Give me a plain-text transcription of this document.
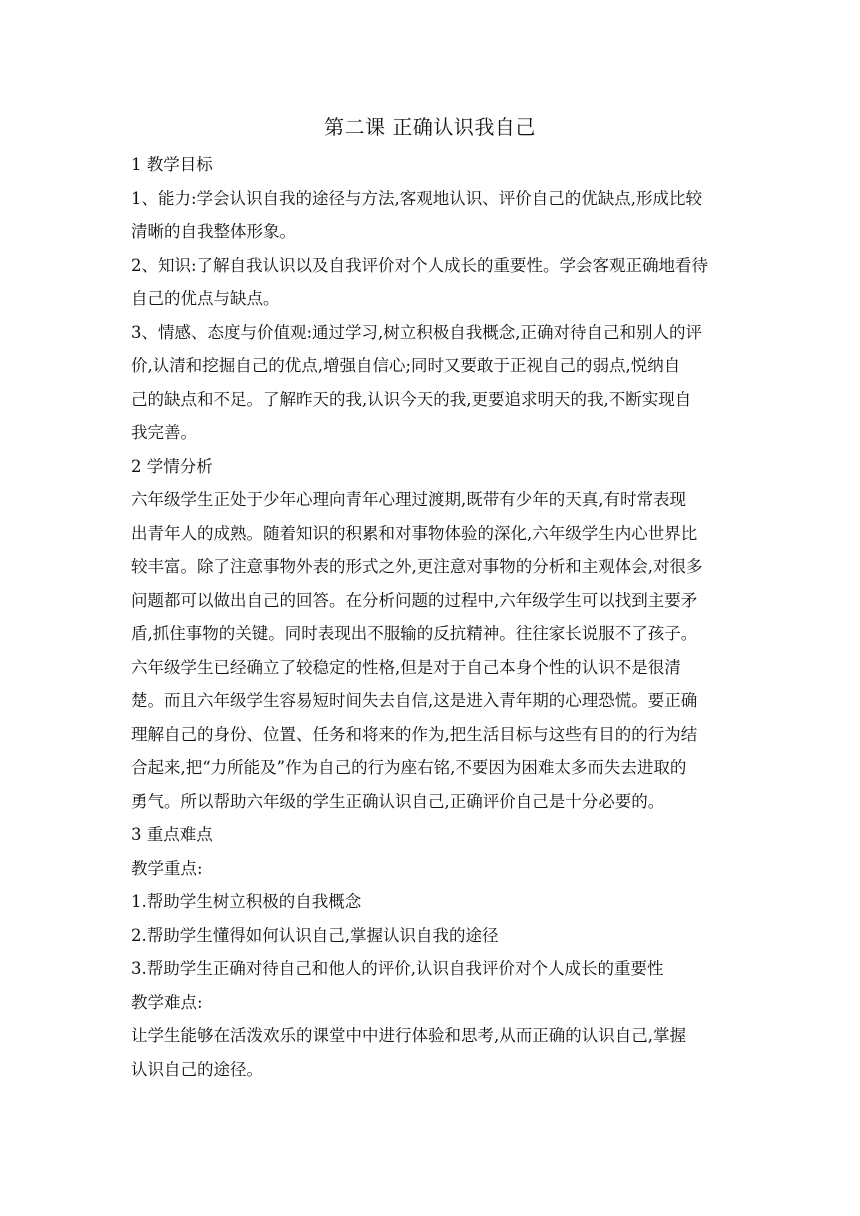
第二课 正确认识我自己

1 教学目标

1、能力:学会认识自我的途径与方法,客观地认识、评价自己的优缺点,形成比较

清晰的自我整体形象。

2、知识:了解自我认识以及自我评价对个人成长的重要性。学会客观正确地看待

自己的优点与缺点。

3、情感、态度与价值观:通过学习,树立积极自我概念,正确对待自己和别人的评

价,认清和挖掘自己的优点,增强自信心;同时又要敢于正视自己的弱点,悦纳自

己的缺点和不足。了解昨天的我,认识今天的我,更要追求明天的我,不断实现自

我完善。

2 学情分析

六年级学生正处于少年心理向青年心理过渡期,既带有少年的天真,有时常表现

出青年人的成熟。随着知识的积累和对事物体验的深化,六年级学生内心世界比

较丰富。除了注意事物外表的形式之外,更注意对事物的分析和主观体会,对很多

问题都可以做出自己的回答。在分析问题的过程中,六年级学生可以找到主要矛

盾,抓住事物的关键。同时表现出不服输的反抗精神。往往家长说服不了孩子。

六年级学生已经确立了较稳定的性格,但是对于自己本身个性的认识不是很清

楚。而且六年级学生容易短时间失去自信,这是进入青年期的心理恐慌。要正确

理解自己的身份、位置、任务和将来的作为,把生活目标与这些有目的的行为结

合起来,把“力所能及”作为自己的行为座右铭,不要因为困难太多而失去进取的

勇气。所以帮助六年级的学生正确认识自己,正确评价自己是十分必要的。

3 重点难点

教学重点:

1.帮助学生树立积极的自我概念

2.帮助学生懂得如何认识自己,掌握认识自我的途径

3.帮助学生正确对待自己和他人的评价,认识自我评价对个人成长的重要性

教学难点:

让学生能够在活泼欢乐的课堂中中进行体验和思考,从而正确的认识自己,掌握

认识自己的途径。
